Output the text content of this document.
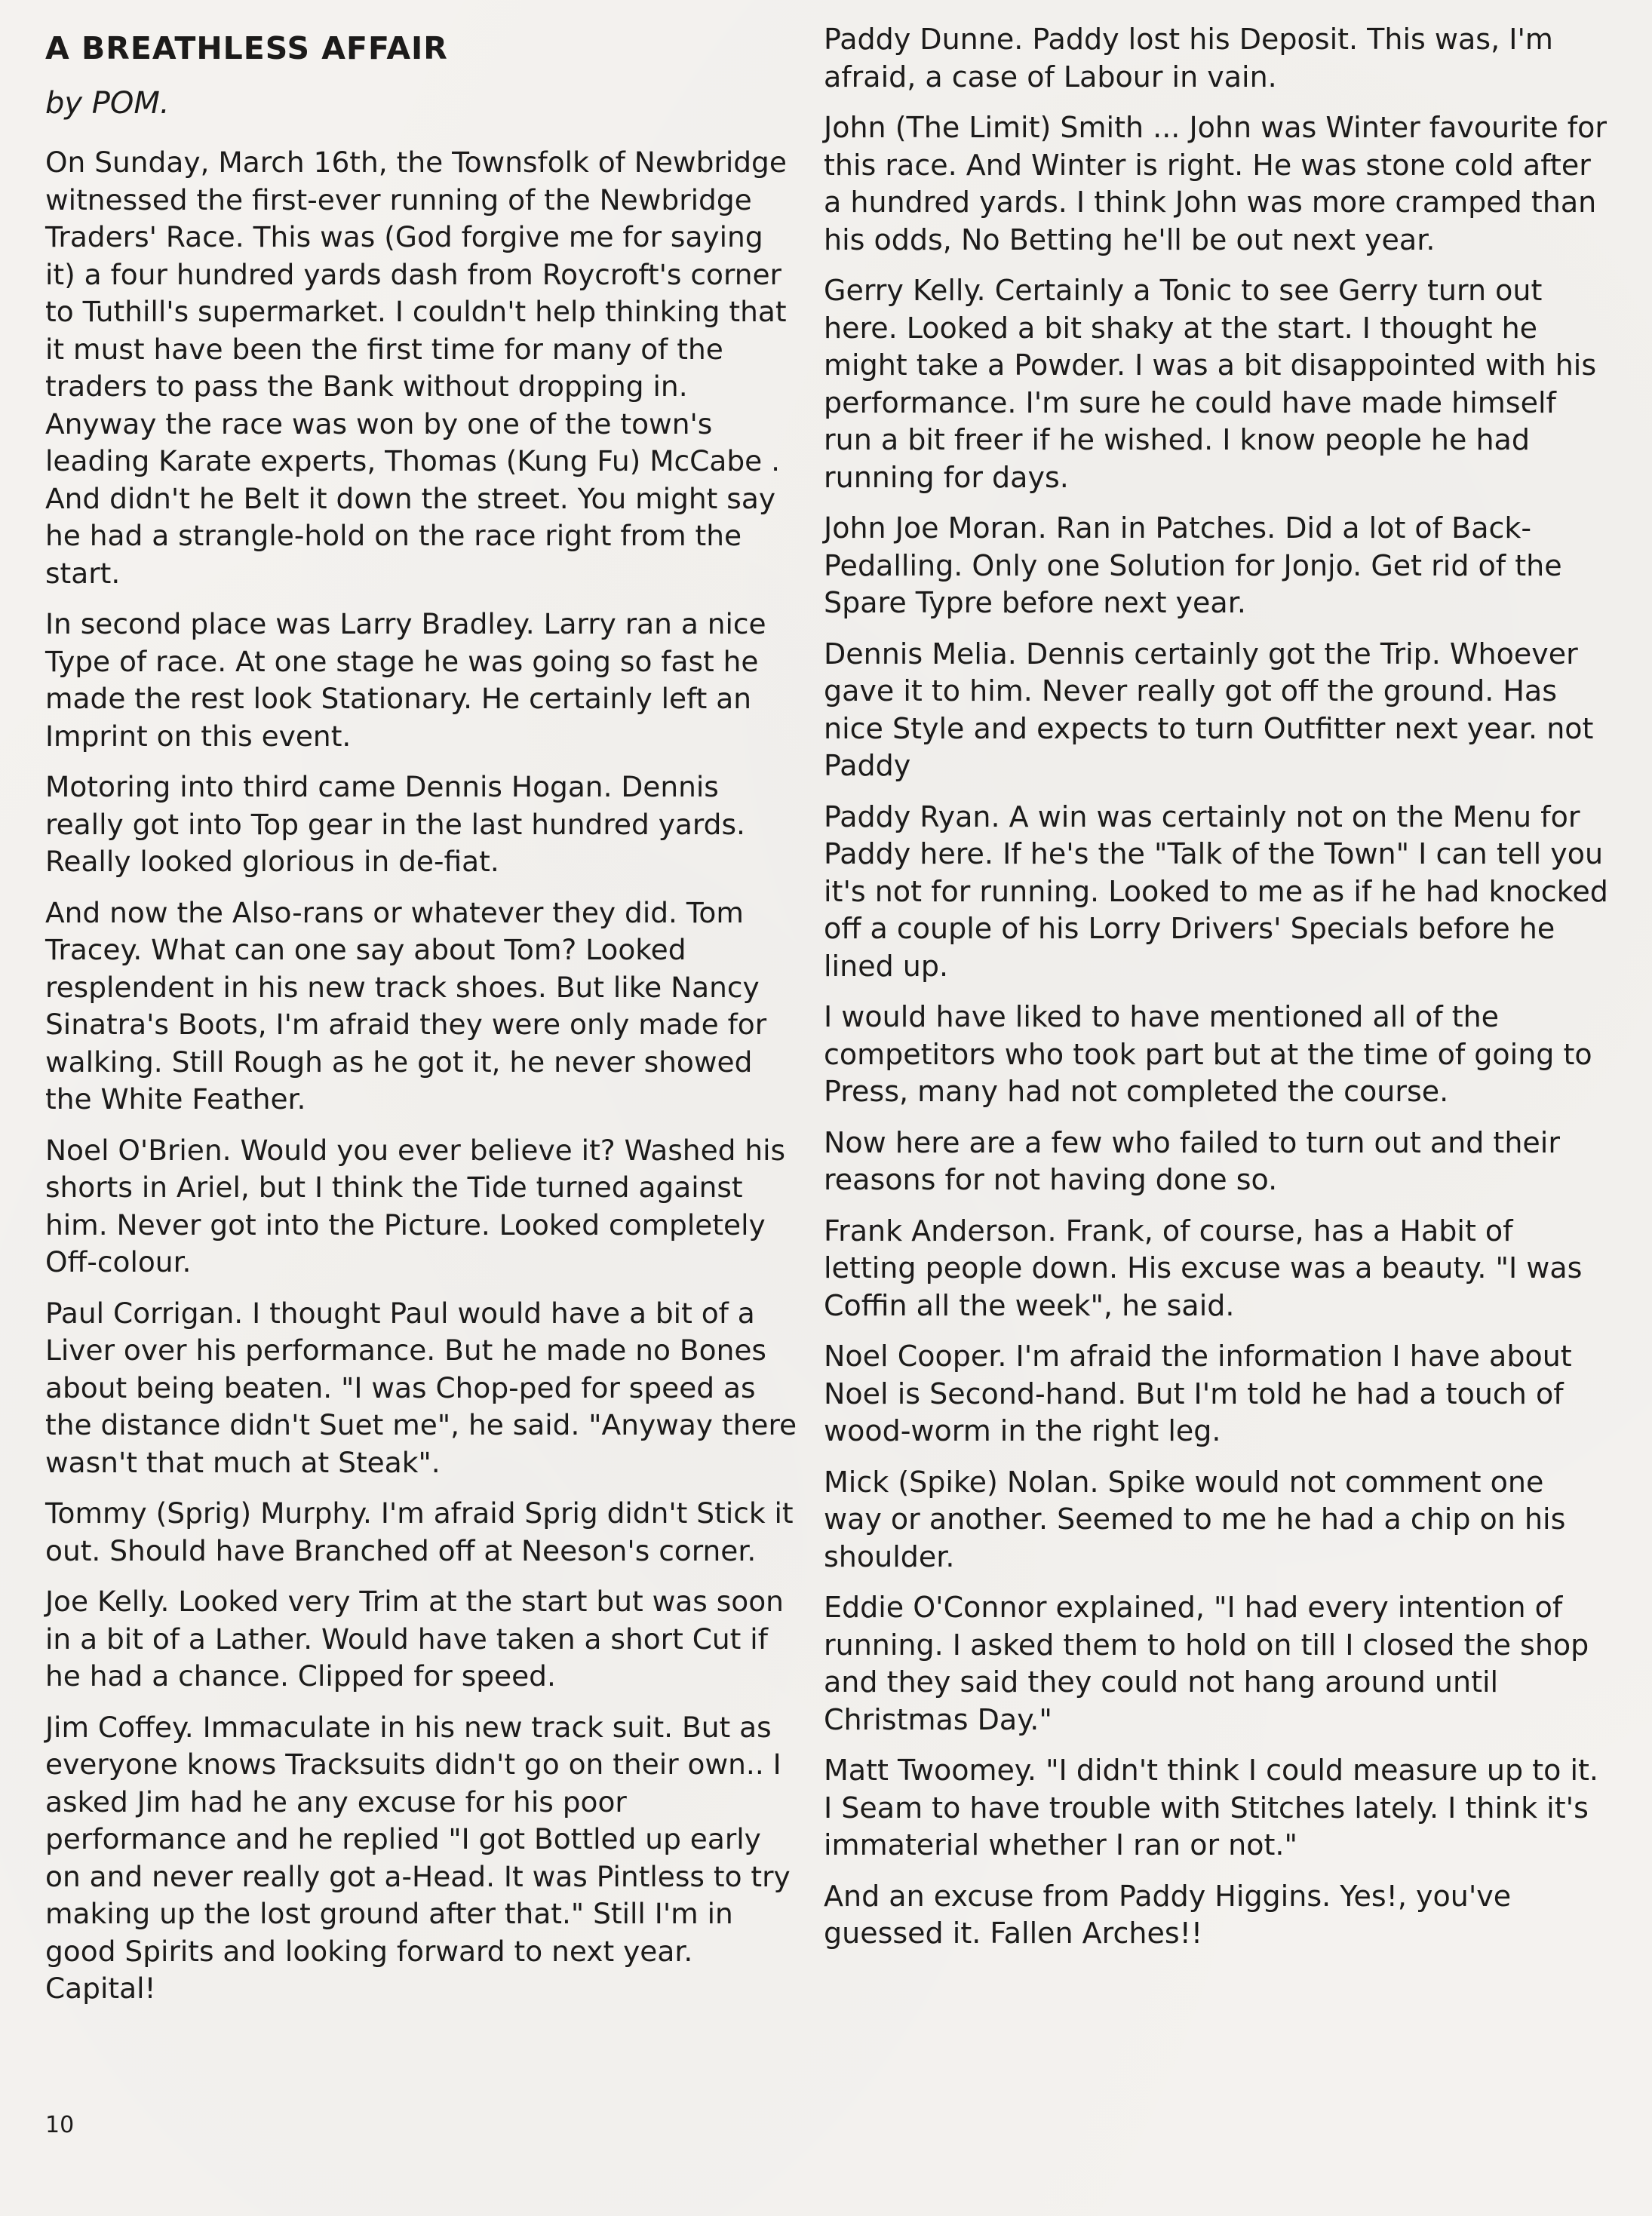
A BREATHLESS AFFAIR
by POM.

On Sunday, March 16th, the Townsfolk of Newbridge witnessed the first-ever running of the Newbridge Traders' Race. This was (God forgive me for saying it) a four hundred yards dash from Roycroft's corner to Tuthill's supermarket. I couldn't help thinking that it must have been the first time for many of the traders to pass the Bank without dropping in. Anyway the race was won by one of the town's leading Karate experts, Thomas (Kung Fu) McCabe . And didn't he Belt it down the street. You might say he had a strangle-hold on the race right from the start.

In second place was Larry Bradley. Larry ran a nice Type of race. At one stage he was going so fast he made the rest look Stationary. He certainly left an Imprint on this event.

Motoring into third came Dennis Hogan. Dennis really got into Top gear in the last hundred yards. Really looked glorious in de-fiat.

And now the Also-rans or whatever they did. Tom Tracey. What can one say about Tom? Looked resplendent in his new track shoes. But like Nancy Sinatra's Boots, I'm afraid they were only made for walking. Still Rough as he got it, he never showed the White Feather.

Noel O'Brien. Would you ever believe it? Washed his shorts in Ariel, but I think the Tide turned against him. Never got into the Picture. Looked completely Off-colour.

Paul Corrigan. I thought Paul would have a bit of a Liver over his performance. But he made no Bones about being beaten. "I was Chop-ped for speed as the distance didn't Suet me", he said. "Anyway there wasn't that much at Steak".

Tommy (Sprig) Murphy. I'm afraid Sprig didn't Stick it out. Should have Branched off at Neeson's corner.

Joe Kelly. Looked very Trim at the start but was soon in a bit of a Lather. Would have taken a short Cut if he had a chance. Clipped for speed.

Jim Coffey. Immaculate in his new track suit. But as everyone knows Tracksuits didn't go on their own.. I asked Jim had he any excuse for his poor performance and he replied "I got Bottled up early on and never really got a-Head. It was Pintless to try making up the lost ground after that." Still I'm in good Spirits and looking forward to next year. Capital!

Paddy Dunne. Paddy lost his Deposit. This was, I'm afraid, a case of Labour in vain.

John (The Limit) Smith ... John was Winter favourite for this race. And Winter is right. He was stone cold after a hundred yards. I think John was more cramped than his odds, No Betting he'll be out next year.

Gerry Kelly. Certainly a Tonic to see Gerry turn out here. Looked a bit shaky at the start. I thought he might take a Powder. I was a bit disappointed with his performance. I'm sure he could have made himself run a bit freer if he wished. I know people he had running for days.

John Joe Moran. Ran in Patches. Did a lot of Back-Pedalling. Only one Solution for Jonjo. Get rid of the Spare Typre before next year.

Dennis Melia. Dennis certainly got the Trip. Whoever gave it to him. Never really got off the ground. Has nice Style and expects to turn Outfitter next year. not Paddy

Paddy Ryan. A win was certainly not on the Menu for Paddy here. If he's the "Talk of the Town" I can tell you it's not for running. Looked to me as if he had knocked off a couple of his Lorry Drivers' Specials before he lined up.

I would have liked to have mentioned all of the competitors who took part but at the time of going to Press, many had not completed the course.

Now here are a few who failed to turn out and their reasons for not having done so.

Frank Anderson. Frank, of course, has a Habit of letting people down. His excuse was a beauty. "I was Coffin all the week", he said.

Noel Cooper. I'm afraid the information I have about Noel is Second-hand. But I'm told he had a touch of wood-worm in the right leg.

Mick (Spike) Nolan. Spike would not comment one way or another. Seemed to me he had a chip on his shoulder.

Eddie O'Connor explained, "I had every intention of running. I asked them to hold on till I closed the shop and they said they could not hang around until Christmas Day."

Matt Twoomey. "I didn't think I could measure up to it. I Seam to have trouble with Stitches lately. I think it's immaterial whether I ran or not."

And an excuse from Paddy Higgins. Yes!, you've guessed it. Fallen Arches!!

10
